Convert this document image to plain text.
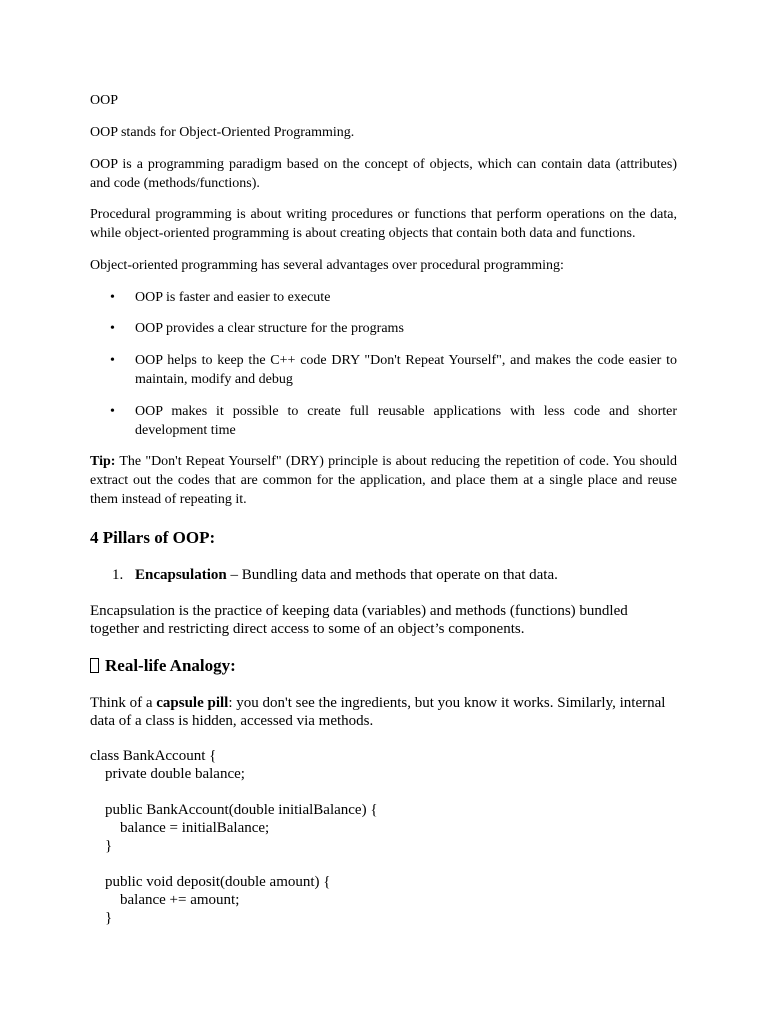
OOP

OOP stands for Object-Oriented Programming.

OOP is a programming paradigm based on the concept of objects, which can contain data (attributes) and code (methods/functions).

Procedural programming is about writing procedures or functions that perform operations on the data, while object-oriented programming is about creating objects that contain both data and functions.

Object-oriented programming has several advantages over procedural programming:

• OOP is faster and easier to execute
• OOP provides a clear structure for the programs
• OOP helps to keep the C++ code DRY "Don't Repeat Yourself", and makes the code easier to maintain, modify and debug
• OOP makes it possible to create full reusable applications with less code and shorter development time

Tip: The "Don't Repeat Yourself" (DRY) principle is about reducing the repetition of code. You should extract out the codes that are common for the application, and place them at a single place and reuse them instead of repeating it.

4 Pillars of OOP:
1. Encapsulation – Bundling data and methods that operate on that data.

Encapsulation is the practice of keeping data (variables) and methods (functions) bundled together and restricting direct access to some of an object’s components.

Real-life Analogy:

Think of a capsule pill: you don't see the ingredients, but you know it works. Similarly, internal data of a class is hidden, accessed via methods.

class BankAccount {
private double balance;
public BankAccount(double initialBalance) {
balance = initialBalance;
}
public void deposit(double amount) {
balance += amount;
}
